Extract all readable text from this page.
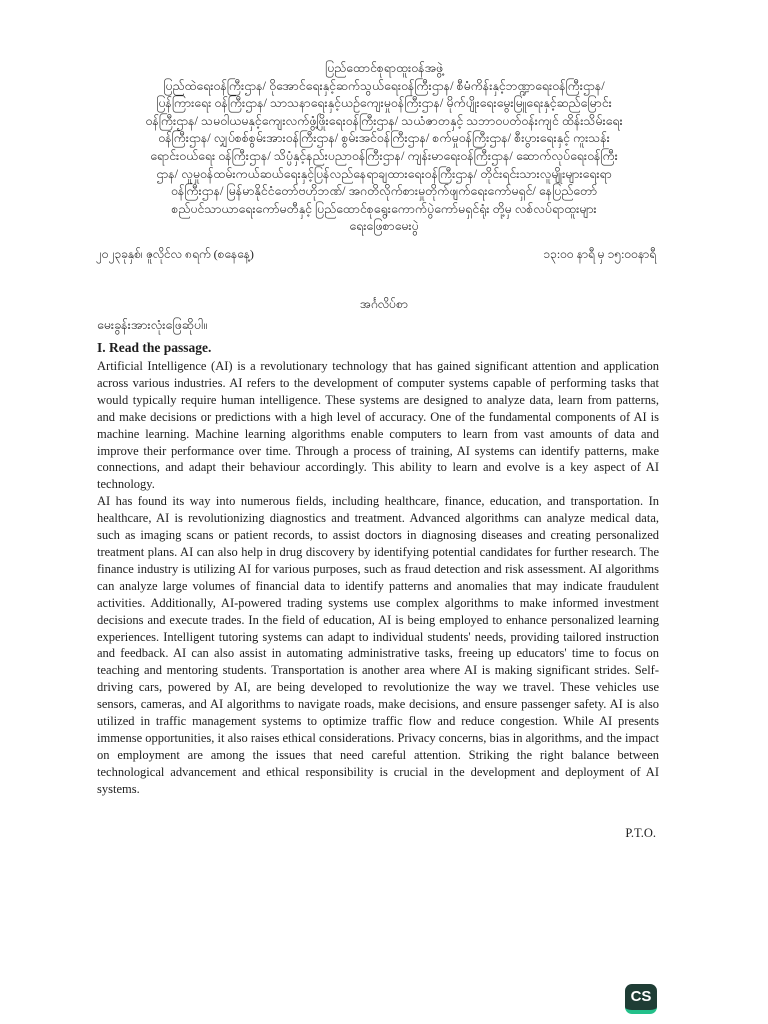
ပြည်ထောင်စုရာထူးဝန်အဖွဲ့

ပြည်ထဲရေးဝန်ကြီးဌာန/ ဝိုအောင်ရေးနှင့်ဆက်သွယ်ရေးဝန်ကြီးဌာန/ စီမံကိန်းနှင့်ဘဏ္ဍာရေးဝန်ကြီးဌာန/

ပြန်ကြားရေး ဝန်ကြီးဌာန/ သာသနာရေးနှင့်ယဉ်ကျေးမှုဝန်ကြီးဌာန/ မိုက်ပျိုးရေးမွေးမြူရေးနှင့်ဆည်မြောင်း

ဝန်ကြီးဌာန/ သမဝါယမနှင့်ကျေးလက်ဖွံ့ဖြိုးရေးဝန်ကြီးဌာန/ သယံဇာတနှင့် သဘာဝပတ်ဝန်းကျင် ထိန်းသိမ်းရေး

ဝန်ကြီးဌာန/ လျှပ်စစ်စွမ်းအားဝန်ကြီးဌာန/ စွမ်းအင်ဝန်ကြီးဌာန/ စက်မှုဝန်ကြီးဌာန/ စီးပွားရေးနှင့် ကူးသန်း

ရောင်းဝယ်ရေး ဝန်ကြီးဌာန/ သိပ္ပံနှင့်နည်းပညာဝန်ကြီးဌာန/ ကျန်းမာရေးဝန်ကြီးဌာန/ ဆောက်လုပ်ရေးဝန်ကြီး

ဌာန/ လူမှုဝန်ထမ်းကယ်ဆယ်ရေးနှင့်ပြန်လည်နေရာချထားရေးဝန်ကြီးဌာန/ တိုင်းရင်းသားလူမျိုးများရေးရာ

ဝန်ကြီးဌာန/ မြန်မာနိုင်ငံတော်ဗဟိုဘဏ်/ အဂတိလိုက်စားမှုတိုက်ဖျက်ရေးကော်မရှင်/ နေပြည်တော်

စည်ပင်သာယာရေးကော်မတီနှင့် ပြည်ထောင်စုရွေးကောက်ပွဲကော်မရှင်ရုံး တို့မှ လစ်လပ်ရာထူးများ

ရေးဖြေစာမေးပွဲ

၂၀၂၃ခုနှစ်၊ ဇူလိုင်လ ၈ရက် (စနေနေ့)	၁၃:၀၀ နာရီ မှ ၁၅:၀၀နာရီ
အင်္ဂလိပ်စာ
မေးခွန်းအားလုံးဖြေဆိုပါ။
I. Read the passage.

Artificial Intelligence (AI) is a revolutionary technology that has gained significant attention and application across various industries. AI refers to the development of computer systems capable of performing tasks that would typically require human intelligence. These systems are designed to analyze data, learn from patterns, and make decisions or predictions with a high level of accuracy. One of the fundamental components of AI is machine learning. Machine learning algorithms enable computers to learn from vast amounts of data and improve their performance over time. Through a process of training, AI systems can identify patterns, make connections, and adapt their behaviour accordingly. This ability to learn and evolve is a key aspect of AI technology.

AI has found its way into numerous fields, including healthcare, finance, education, and transportation. In healthcare, AI is revolutionizing diagnostics and treatment. Advanced algorithms can analyze medical data, such as imaging scans or patient records, to assist doctors in diagnosing diseases and creating personalized treatment plans. AI can also help in drug discovery by identifying potential candidates for further research. The finance industry is utilizing AI for various purposes, such as fraud detection and risk assessment. AI algorithms can analyze large volumes of financial data to identify patterns and anomalies that may indicate fraudulent activities. Additionally, AI-powered trading systems use complex algorithms to make informed investment decisions and execute trades. In the field of education, AI is being employed to enhance personalized learning experiences. Intelligent tutoring systems can adapt to individual students' needs, providing tailored instruction and feedback. AI can also assist in automating administrative tasks, freeing up educators' time to focus on teaching and mentoring students. Transportation is another area where AI is making significant strides. Self-driving cars, powered by AI, are being developed to revolutionize the way we travel. These vehicles use sensors, cameras, and AI algorithms to navigate roads, make decisions, and ensure passenger safety. AI is also utilized in traffic management systems to optimize traffic flow and reduce congestion. While AI presents immense opportunities, it also raises ethical considerations. Privacy concerns, bias in algorithms, and the impact on employment are among the issues that need careful attention. Striking the right balance between technological advancement and ethical responsibility is crucial in the development and deployment of AI systems.

P.T.O.
CS
